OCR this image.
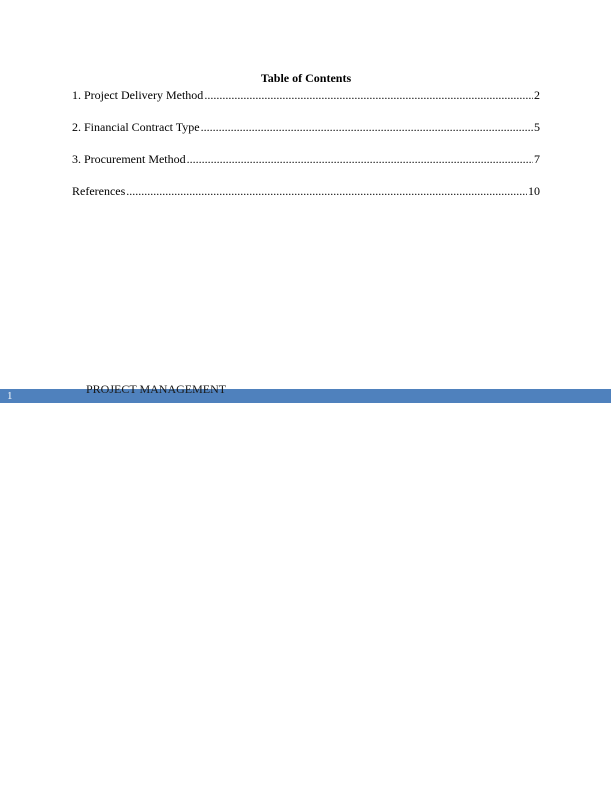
Table of Contents
1. Project Delivery Method .....	2
2. Financial Contract Type .....	5
3. Procurement Method .....	7
References .....	10
1	PROJECT MANAGEMENT
